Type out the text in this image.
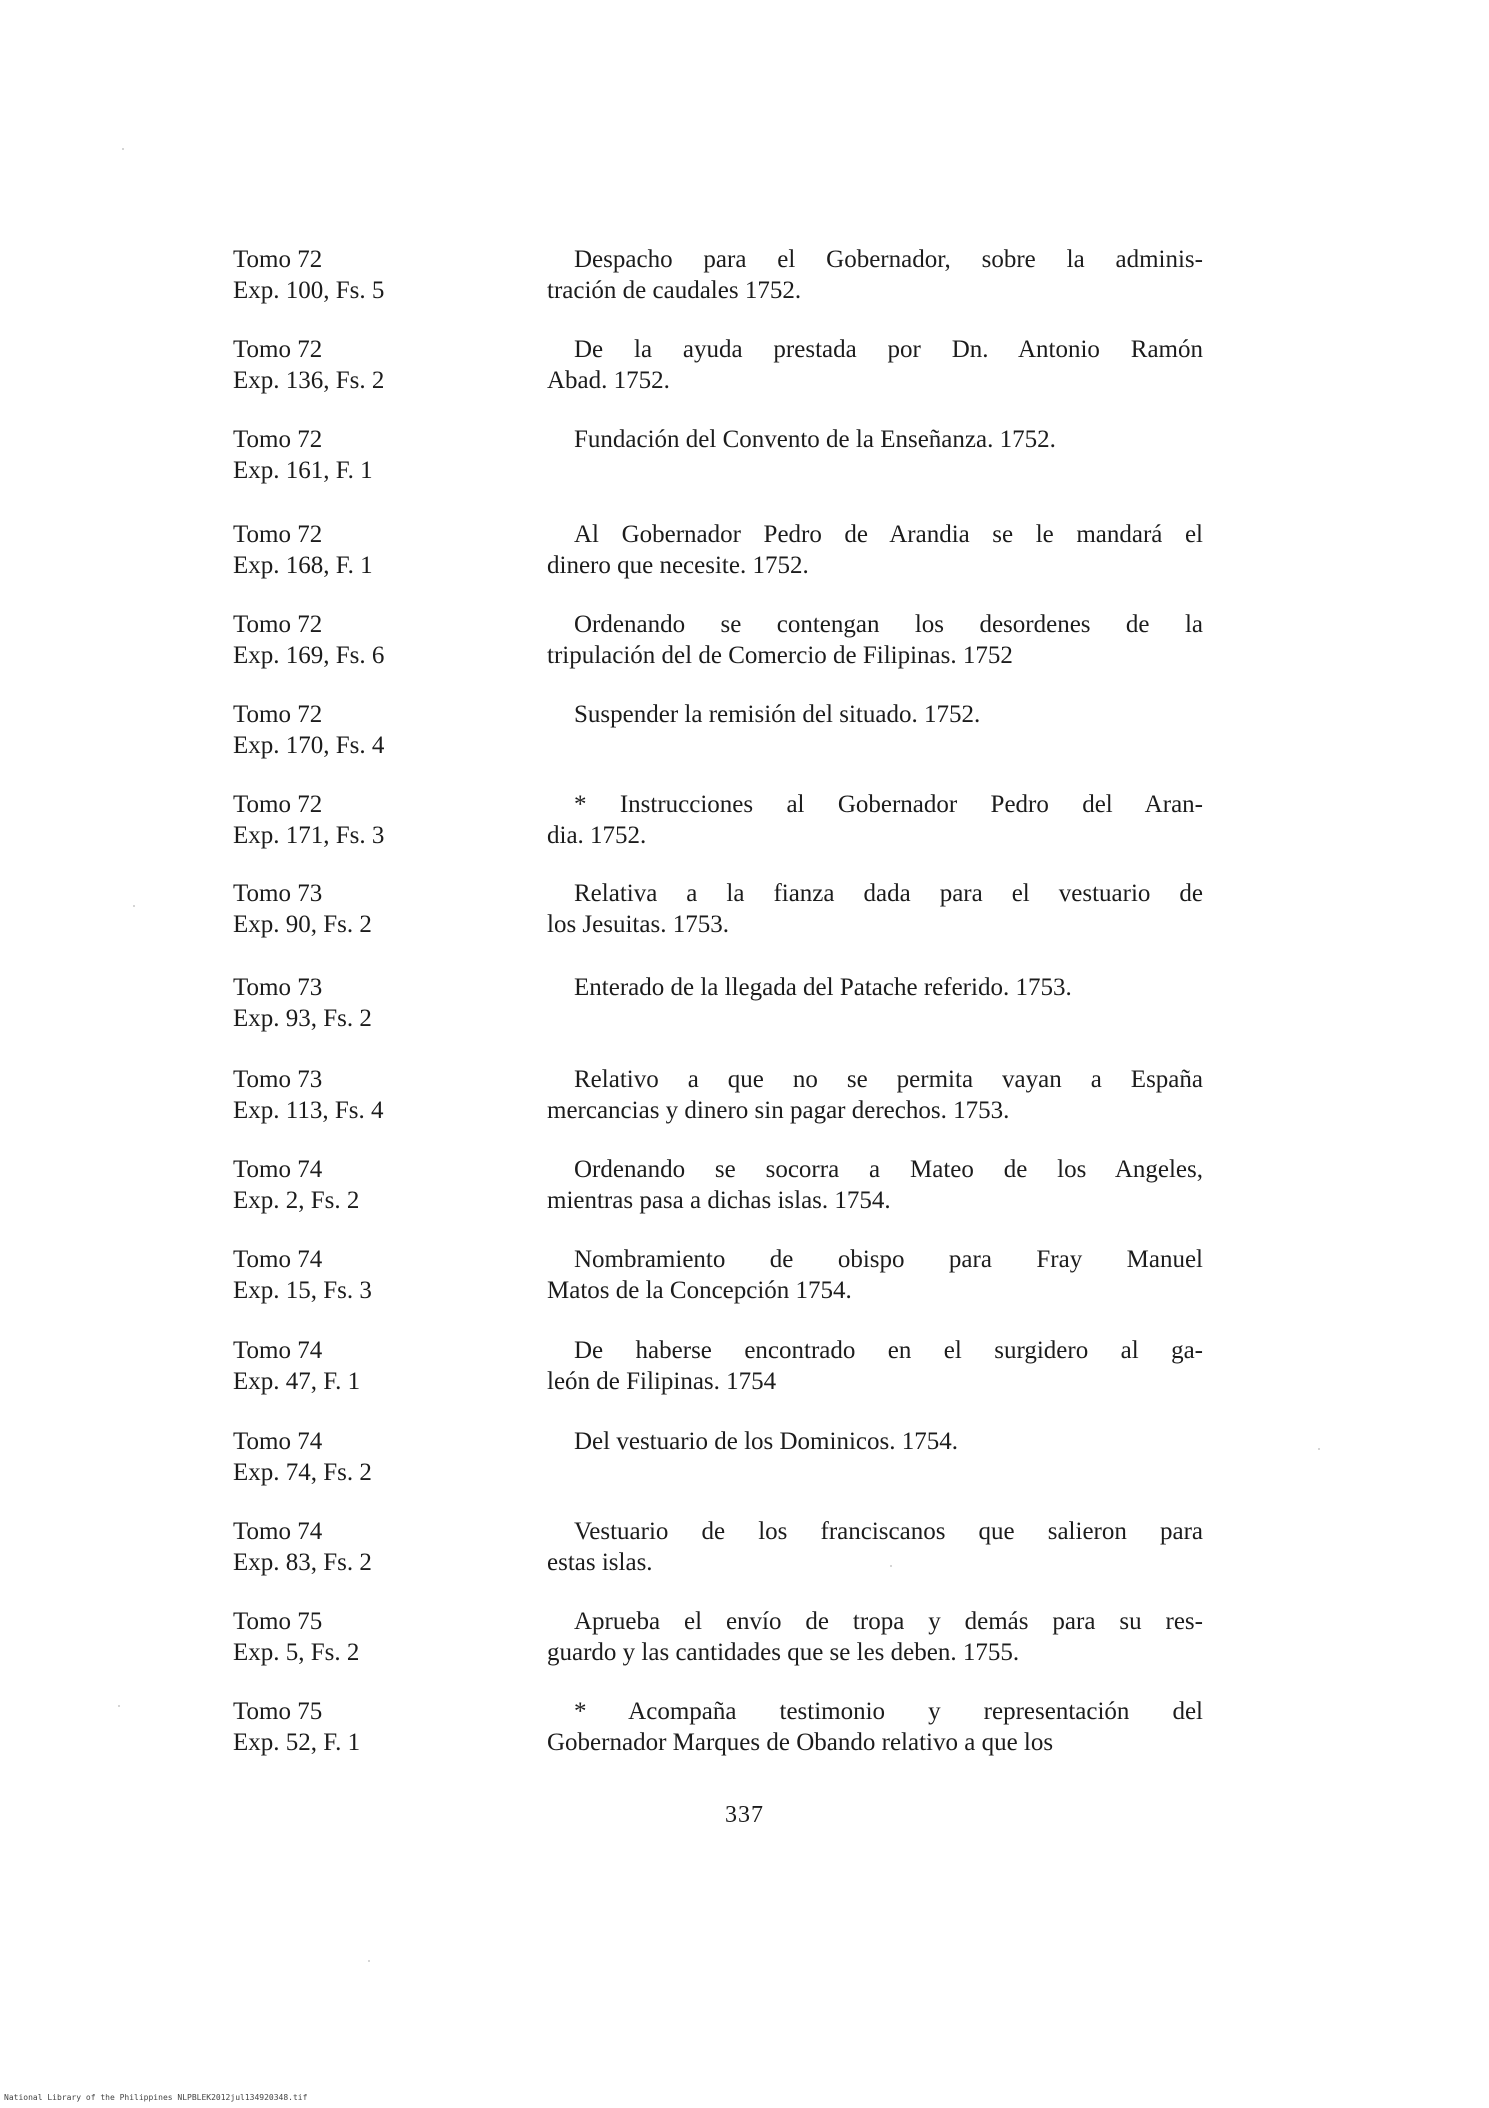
Tomo 72
Exp. 100, Fs. 5
Despacho para el Gobernador, sobre la adminis-
tración de caudales 1752.
Tomo 72
Exp. 136, Fs. 2
De la ayuda prestada por Dn. Antonio Ramón
Abad. 1752.
Tomo 72
Exp. 161, F. 1
Fundación del Convento de la Enseñanza. 1752.
Tomo 72
Exp. 168, F. 1
Al Gobernador Pedro de Arandia se le mandará el
dinero que necesite. 1752.
Tomo 72
Exp. 169, Fs. 6
Ordenando se contengan los desordenes de la
tripulación del de Comercio de Filipinas. 1752
Tomo 72
Exp. 170, Fs. 4
Suspender la remisión del situado. 1752.
Tomo 72
Exp. 171, Fs. 3
* Instrucciones al Gobernador Pedro del Aran-
dia. 1752.
Tomo 73
Exp. 90, Fs. 2
Relativa a la fianza dada para el vestuario de
los Jesuitas. 1753.
Tomo 73
Exp. 93, Fs. 2
Enterado de la llegada del Patache referido. 1753.
Tomo 73
Exp. 113, Fs. 4
Relativo a que no se permita vayan a España
mercancias y dinero sin pagar derechos. 1753.
Tomo 74
Exp. 2, Fs. 2
Ordenando se socorra a Mateo de los Angeles,
mientras pasa a dichas islas. 1754.
Tomo 74
Exp. 15, Fs. 3
Nombramiento de obispo para Fray Manuel
Matos de la Concepción 1754.
Tomo 74
Exp. 47, F. 1
De haberse encontrado en el surgidero al ga-
león de Filipinas. 1754
Tomo 74
Exp. 74, Fs. 2
Del vestuario de los Dominicos. 1754.
Tomo 74
Exp. 83, Fs. 2
Vestuario de los franciscanos que salieron para
estas islas.
Tomo 75
Exp. 5, Fs. 2
Aprueba el envío de tropa y demás para su res-
guardo y las cantidades que se les deben. 1755.
Tomo 75
Exp. 52, F. 1
* Acompaña testimonio y representación del
Gobernador Marques de Obando relativo a que los
337
National Library of the Philippines NLPBLEK2012jul134920348.tif
